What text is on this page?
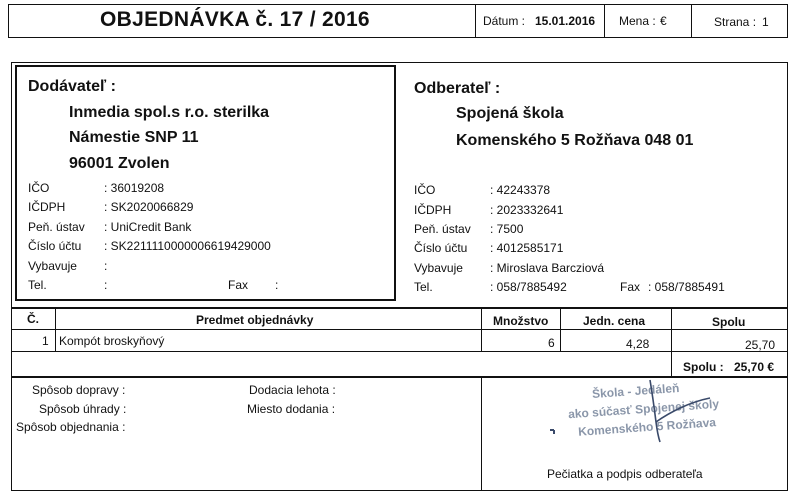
OBJEDNÁVKA č. 17 / 2016	Dátum : 15.01.2016 Mena : €	Strana : 1
Dodávateľ :
Inmedia spol.s r.o. sterilka
Námestie SNP 11
96001 Zvolen
IČO	: 36019208
IČDPH	: SK2020066829
Peň. ústav : UniCredit Bank
Číslo účtu : SK2211110000006619429000
Vybavuje :
Tel.	:	Fax :
Odberateľ :
Spojená škola
Komenského 5 Rožňava 048 01
IČO	: 42243378
IČDPH	: 2023332641
Peň. ústav : 7500
Číslo účtu : 4012585171
Vybavuje : Miroslava Barcziová
Tel.	: 058/7885492	Fax : 058/7885491
Č.	Predmet objednávky	Množstvo	Jedn. cena	Spolu
1 Kompót broskyňový	6	4,28	25,70
Spolu : 25,70 €
Spôsob dopravy :
Spôsob úhrady :
Spôsob objednania :
Dodacia lehota :
Miesto dodania :
Škola - Jedáleň
ako súčasť Spojenej školy
Komenského 5 Rožňava
Pečiatka a podpis odberateľa
